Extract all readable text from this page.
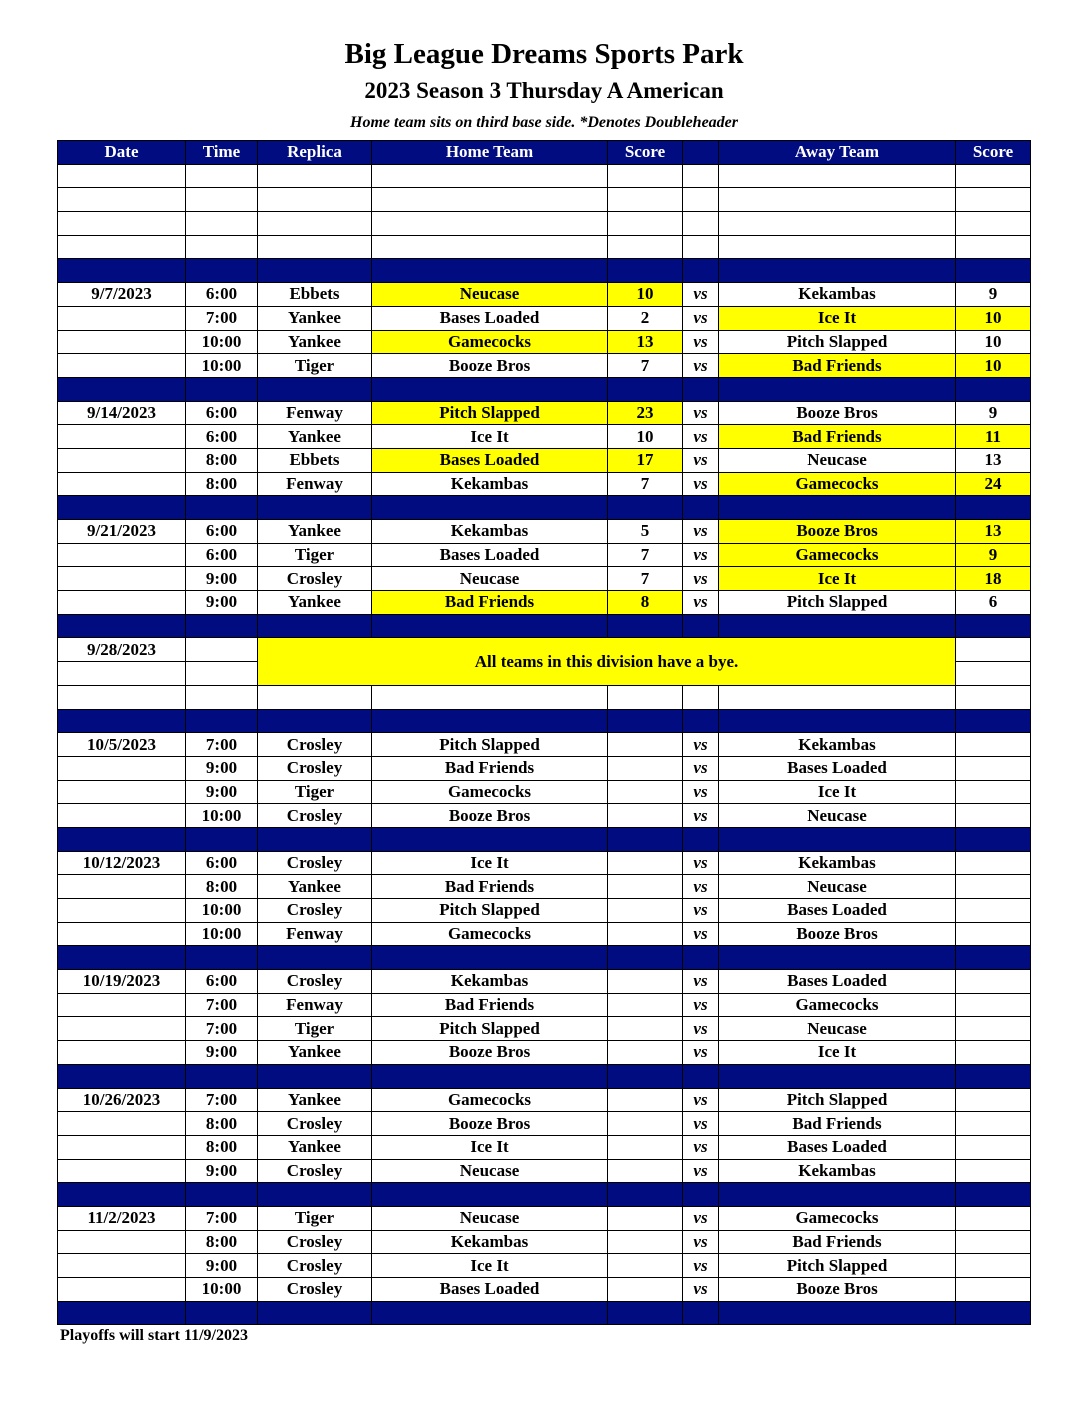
Big League Dreams Sports Park
2023 Season 3 Thursday A American
Home team sits on third base side. *Denotes Doubleheader
Date	Time	Replica	Home Team	Score		Away Team	Score

9/7/2023	6:00	Ebbets	Neucase	10	vs	Kekambas	9
	7:00	Yankee	Bases Loaded	2	vs	Ice It	10
	10:00	Yankee	Gamecocks	13	vs	Pitch Slapped	10
	10:00	Tiger	Booze Bros	7	vs	Bad Friends	10

9/14/2023	6:00	Fenway	Pitch Slapped	23	vs	Booze Bros	9
	6:00	Yankee	Ice It	10	vs	Bad Friends	11
	8:00	Ebbets	Bases Loaded	17	vs	Neucase	13
	8:00	Fenway	Kekambas	7	vs	Gamecocks	24

9/21/2023	6:00	Yankee	Kekambas	5	vs	Booze Bros	13
	6:00	Tiger	Bases Loaded	7	vs	Gamecocks	9
	9:00	Crosley	Neucase	7	vs	Ice It	18
	9:00	Yankee	Bad Friends	8	vs	Pitch Slapped	6

9/28/2023		All teams in this division have a bye.					

10/5/2023	7:00	Crosley	Pitch Slapped		vs	Kekambas	
	9:00	Crosley	Bad Friends		vs	Bases Loaded	
	9:00	Tiger	Gamecocks		vs	Ice It	
	10:00	Crosley	Booze Bros		vs	Neucase	

10/12/2023	6:00	Crosley	Ice It		vs	Kekambas	
	8:00	Yankee	Bad Friends		vs	Neucase	
	10:00	Crosley	Pitch Slapped		vs	Bases Loaded	
	10:00	Fenway	Gamecocks		vs	Booze Bros	

10/19/2023	6:00	Crosley	Kekambas		vs	Bases Loaded	
	7:00	Fenway	Bad Friends		vs	Gamecocks	
	7:00	Tiger	Pitch Slapped		vs	Neucase	
	9:00	Yankee	Booze Bros		vs	Ice It	

10/26/2023	7:00	Yankee	Gamecocks		vs	Pitch Slapped	
	8:00	Crosley	Booze Bros		vs	Bad Friends	
	8:00	Yankee	Ice It		vs	Bases Loaded	
	9:00	Crosley	Neucase		vs	Kekambas	

11/2/2023	7:00	Tiger	Neucase		vs	Gamecocks	
	8:00	Crosley	Kekambas		vs	Bad Friends	
	9:00	Crosley	Ice It		vs	Pitch Slapped	
	10:00	Crosley	Bases Loaded		vs	Booze Bros	

Playoffs will start 11/9/2023
